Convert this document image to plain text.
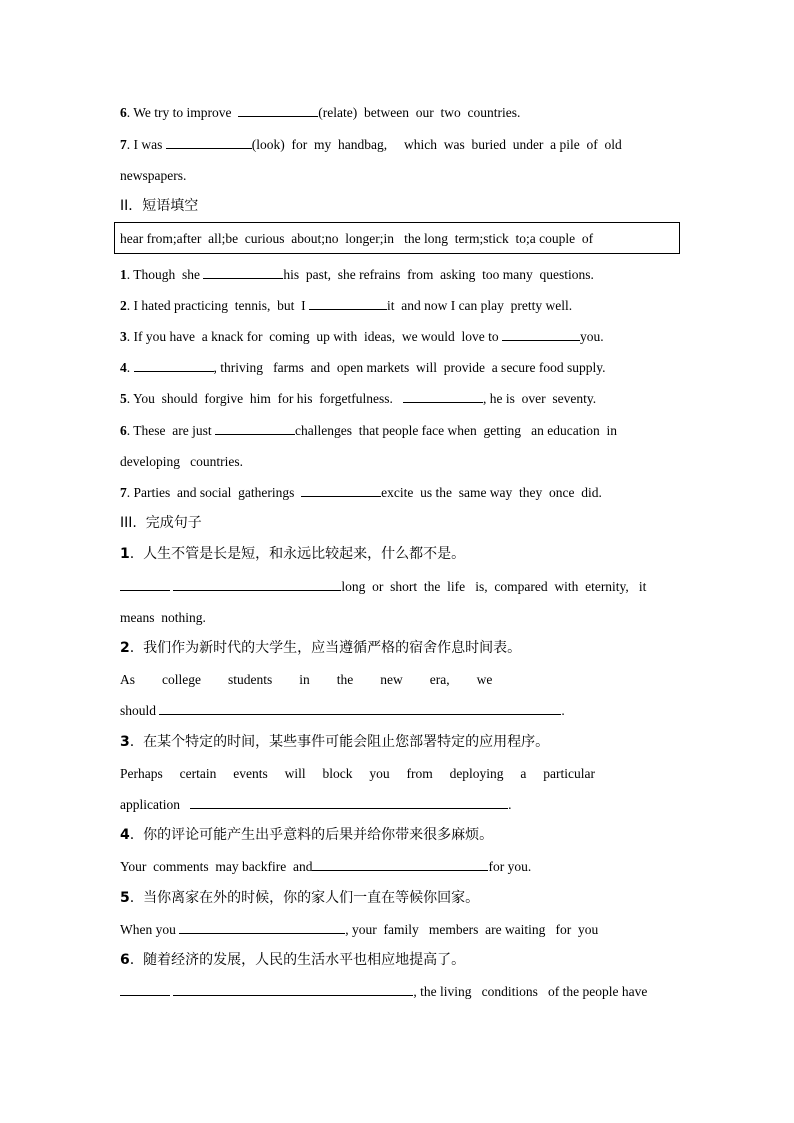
6. We try to improve	(relate)  between  our  two  countries.
7. I was	(look)  for  my  handbag,     which  was  buried  under  a pile  of  old
newspapers.
II．短语填空
hear from;after  all;be  curious  about;no  longer;in   the long  term;stick  to;a couple  of
1. Though  she	his  past,  she refrains  from  asking  too many  questions.
2. I hated practicing  tennis,  but  I	it  and now I can play  pretty well.
3. If you have  a knack for  coming  up with  ideas,  we would  love to	you.
4.	, thriving   farms  and  open markets  will  provide  a secure food supply.
5. You  should  forgive  him  for his  forgetfulness.	, he is  over  seventy.
6. These  are just	challenges  that people face when  getting   an education  in
developing   countries.
7. Parties  and social  gatherings	excite  us the  same way  they  once  did.
III.  完成句子
1.  人生不管是长是短，和永远比较起来，什么都不是。
long  or  short  the  life   is,  compared  with  eternity,   it
means  nothing.
2.  我们作为新时代的大学生，应当遵循严格的宿舍作息时间表。
As        college        students        in        the        new        era,        we
should	.
3.  在某个特定的时间，某些事件可能会阻止您部署特定的应用程序。
Perhaps     certain     events     will     block     you     from     deploying     a     particular
application	.
4.  你的评论可能产生出乎意料的后果并给你带来很多麻烦。
Your  comments  may backfire  and	for you.
5.  当你离家在外的时候，你的家人们一直在等候你回家。
When you	, your  family   members  are waiting   for  you
6.  随着经济的发展，人民的生活水平也相应地提高了。
, the living   conditions   of the people have
